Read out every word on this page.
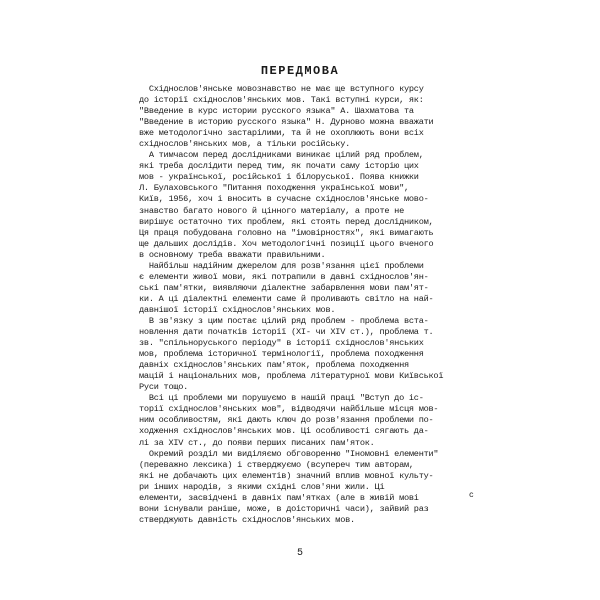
ПЕРЕДМОВА
Східнослов'янське мовознавство не має ще вступного курсу
до історії східнослов'янських мов. Такі вступні курси, як:
"Введение в курс истории русского языка" А. Шахматова та
"Введение в историю русского языка" Н. Дурново можна вважати
вже методологічно застарілими, та й не охоплюють вони всіх
східнослов'янських мов, а тільки російську.
А тимчасом перед дослідниками виникає цілий ряд проблем,
які треба дослідити перед тим, як почати саму історію цих
мов - української, російської і білоруської. Поява книжки
Л. Булаховського "Питання походження української мови",
Київ, 1956, хоч і вносить в сучасне східнослов'янське мово-
знавство багато нового й цінного матеріалу, а проте не
вирішує остаточно тих проблем, які стоять перед дослідником,
Ця праця побудована головно на "імовірностях", які вимагають
ще дальших дослідів. Хоч методологічні позиції цього вченого
в основному треба вважати правильними.
Найбільш надійним джерелом для розв'язання цієї проблеми
є елементи живої мови, які потрапили в давні східнослов'ян-
ські пам'ятки, виявляючи діалектне забарвлення мови пам'ят-
ки. А ці діалектні елементи саме й проливають світло на най-
давнішої історії східнослов'янських мов.
В зв'язку з цим постає цілий ряд проблем - проблема вста-
новлення дати початків історії (XI- чи XIV ст.), проблема т.
зв. "спільноруського періоду" в історії східнослов'янських
мов, проблема історичної термінології, проблема походження
давніх східнослов'янських пам'яток, проблема походження
мацій і національних мов, проблема літературної мови Київської
Руси тощо.
Всі ці проблеми ми порушуємо в нашій праці "Вступ до іс-
торії східнослов'янських мов", відводячи найбільше місця мов-
ним особливостям, які дають ключ до розв'язання проблеми по-
ходження східнослов'янських мов. Ці особливості сягають да-
лі за XIV ст., до появи перших писаних пам'яток.
Окремий розділ ми виділяємо обговоренню "Іномовні елементи"
(переважно лексика) і стверджуємо (всупереч тим авторам,
які не добачають цих елементів) значний вплив мовної культу-
ри інших народів, з якими східні слов'яни жили. Ці
елементи, засвідчені в давніх пам'ятках (але в живій мові
вони існували раніше, може, в доісторичні часи), зайвий раз
стверджують давність східнослов'янських мов.
с
5
